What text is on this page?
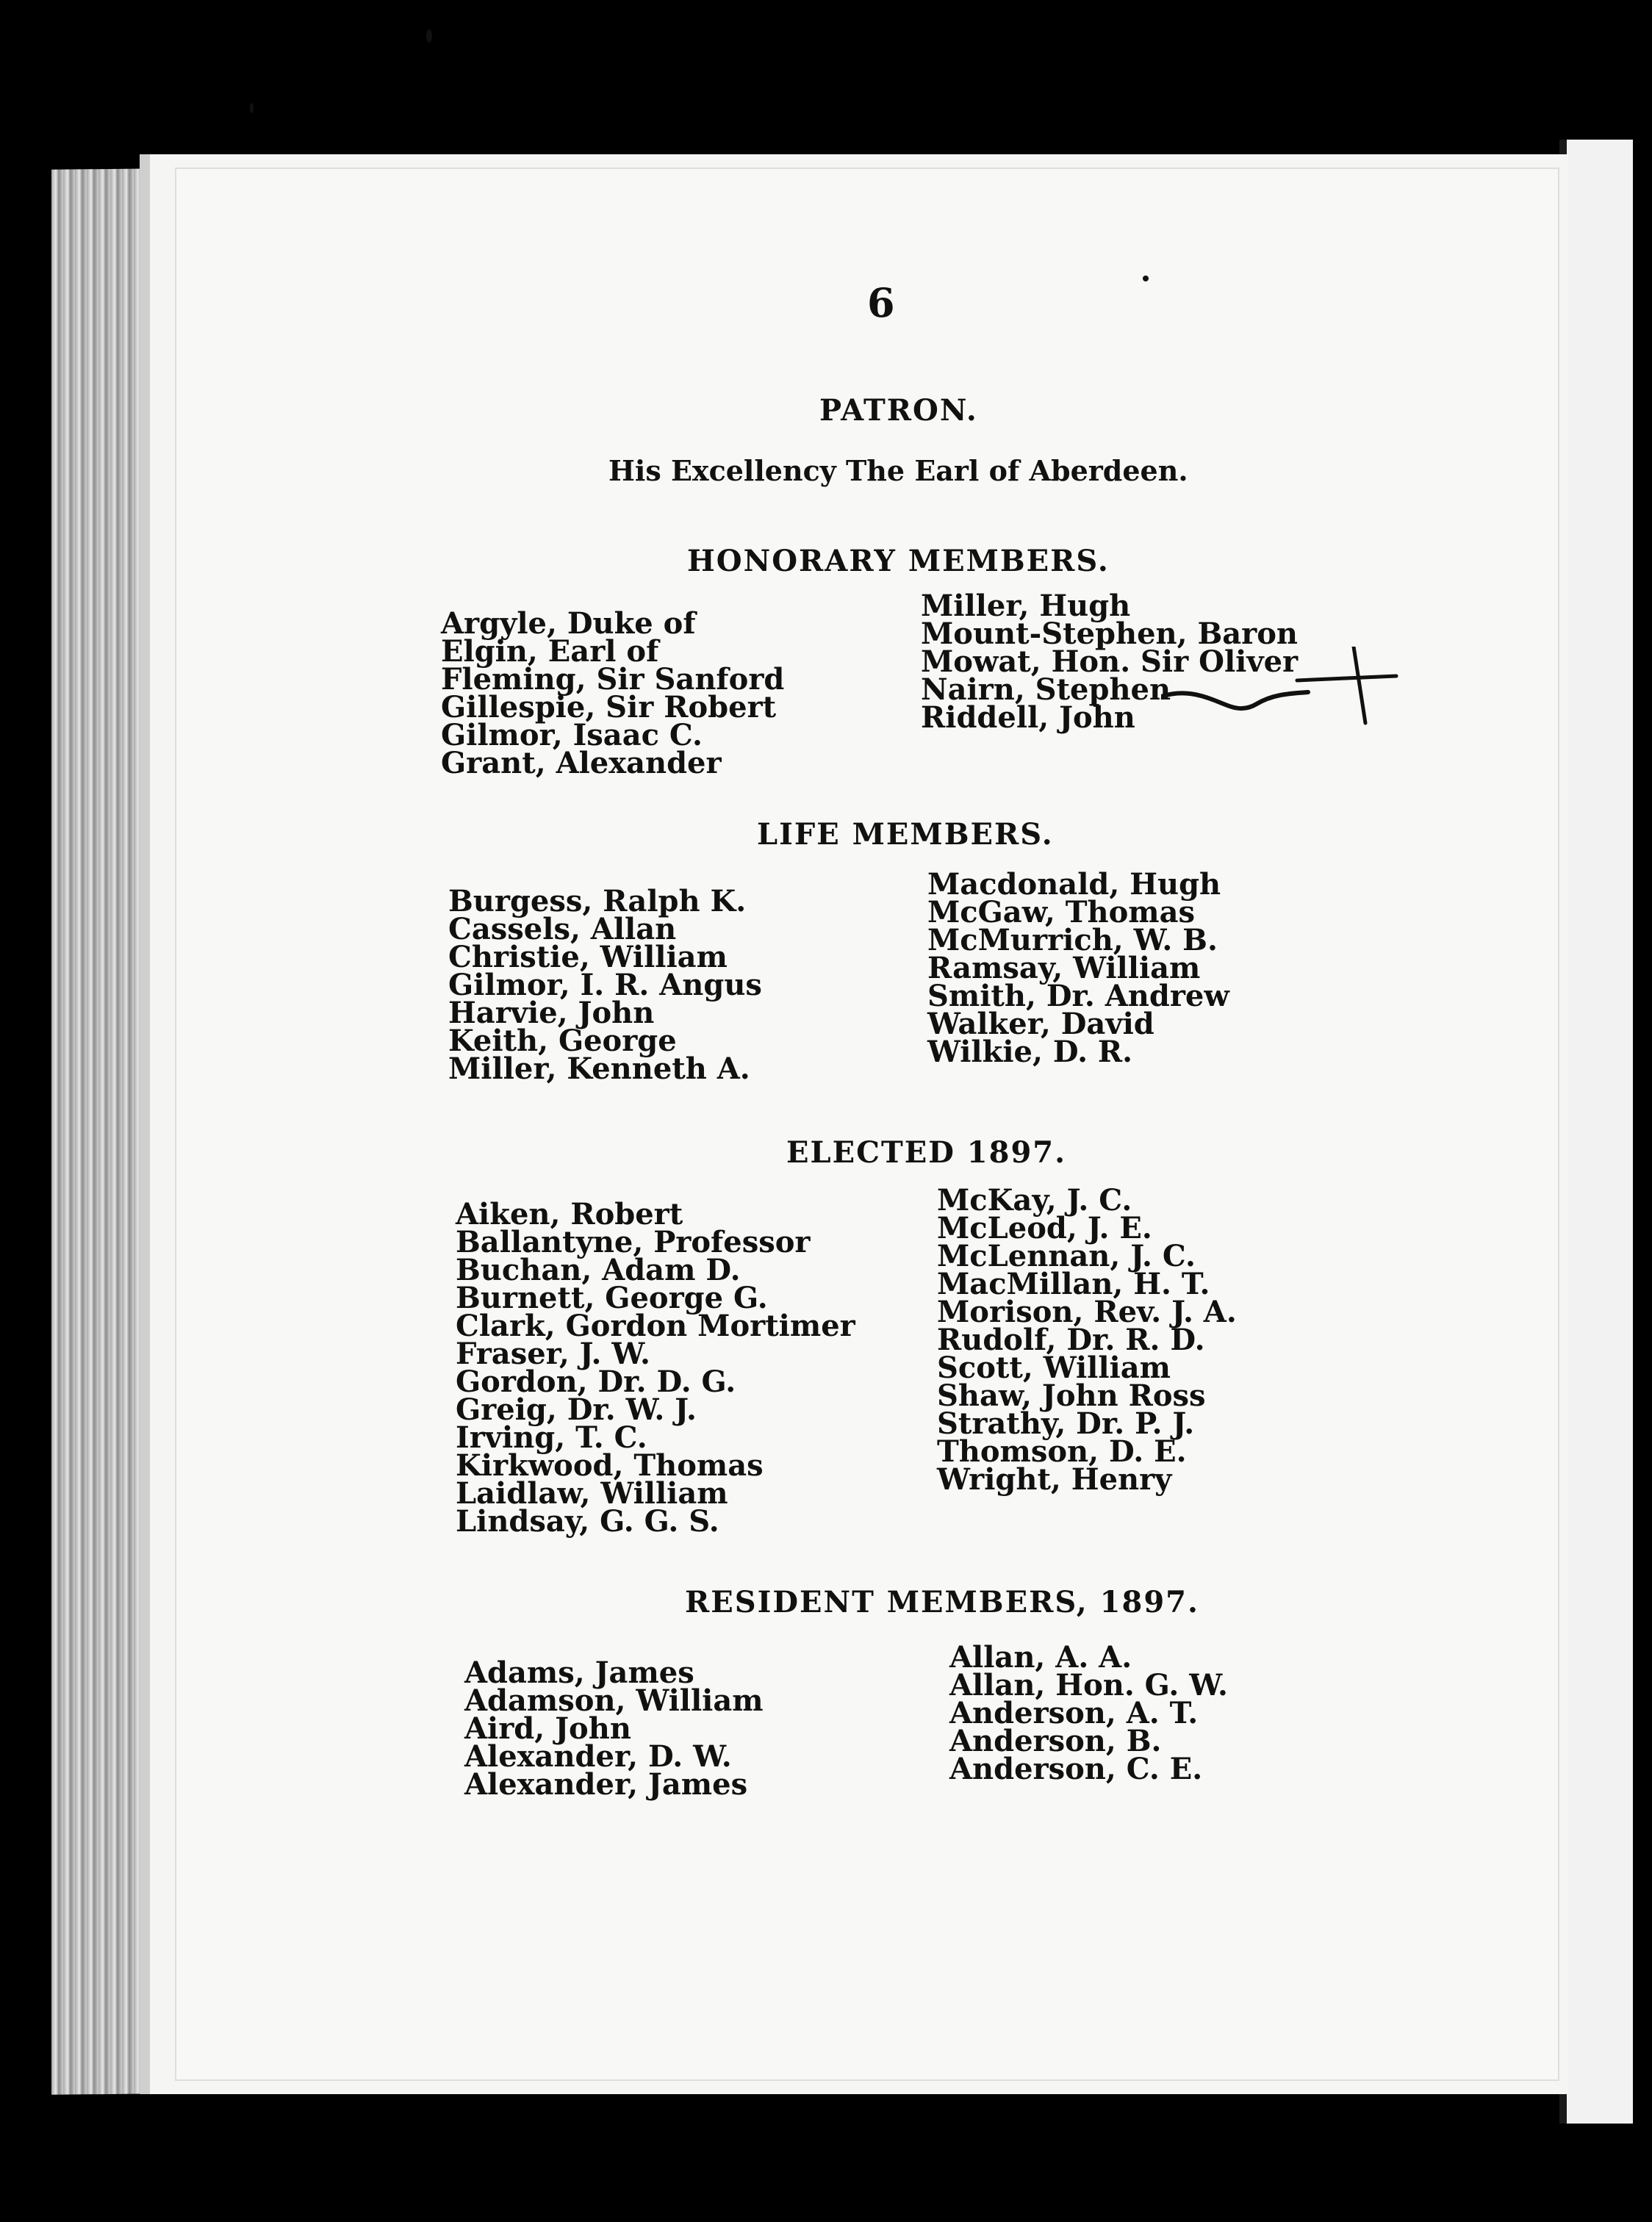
6
PATRON.
His Excellency The Earl of Aberdeen.
HONORARY MEMBERS.
Argyle, Duke of
Elgin, Earl of
Fleming, Sir Sanford
Gillespie, Sir Robert
Gilmor, Isaac C.
Grant, Alexander
Miller, Hugh
Mount-Stephen, Baron
Mowat, Hon. Sir Oliver
Nairn, Stephen
Riddell, John
LIFE MEMBERS.
Burgess, Ralph K.
Cassels, Allan
Christie, William
Gilmor, I. R. Angus
Harvie, John
Keith, George
Miller, Kenneth A.
Macdonald, Hugh
McGaw, Thomas
McMurrich, W. B.
Ramsay, William
Smith, Dr. Andrew
Walker, David
Wilkie, D. R.
ELECTED 1897.
Aiken, Robert
Ballantyne, Professor
Buchan, Adam D.
Burnett, George G.
Clark, Gordon Mortimer
Fraser, J. W.
Gordon, Dr. D. G.
Greig, Dr. W. J.
Irving, T. C.
Kirkwood, Thomas
Laidlaw, William
Lindsay, G. G. S.
McKay, J. C.
McLeod, J. E.
McLennan, J. C.
MacMillan, H. T.
Morison, Rev. J. A.
Rudolf, Dr. R. D.
Scott, William
Shaw, John Ross
Strathy, Dr. P. J.
Thomson, D. E.
Wright, Henry
RESIDENT MEMBERS, 1897.
Adams, James
Adamson, William
Aird, John
Alexander, D. W.
Alexander, James
Allan, A. A.
Allan, Hon. G. W.
Anderson, A. T.
Anderson, B.
Anderson, C. E.
